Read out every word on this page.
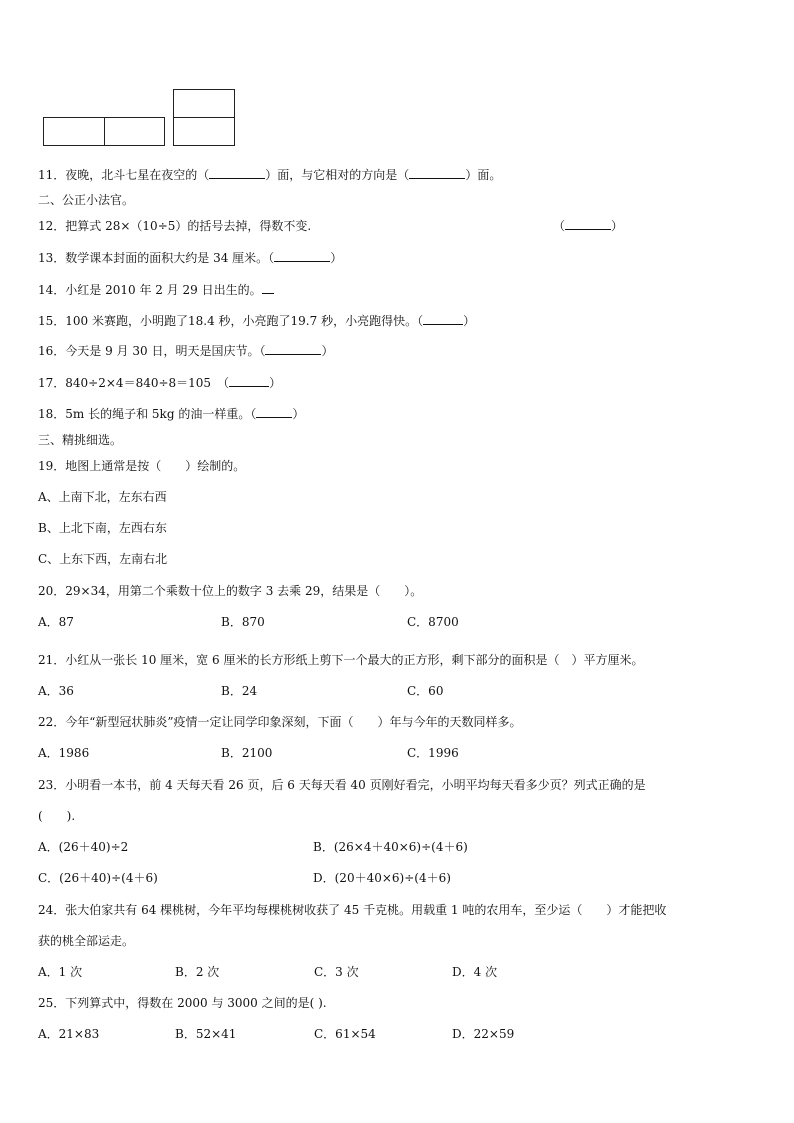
11．夜晚，北斗七星在夜空的（	）面，与它相对的方向是（	）面。
二、公正小法官。
12．把算式 28×（10÷5）的括号去掉，得数不变.	（	）
13．数学课本封面的面积大约是 34 厘米。（	）
14．小红是 2010 年 2 月 29 日出生的。
15．100 米赛跑，小明跑了18.4 秒，小亮跑了19.7 秒，小亮跑得快。（	）
16．今天是 9 月 30 日，明天是国庆节。（	）
17．840÷2×4＝840÷8＝105　（	）
18．5m 长的绳子和 5kg 的油一样重。（	）
三、精挑细选。
19．地图上通常是按（　　）绘制的。
A、上南下北，左东右西
B、上北下南，左西右东
C、上东下西，左南右北
20．29×34，用第二个乘数十位上的数字 3 去乘 29，结果是（　　）。
A．87	B．870	C．8700
21．小红从一张长 10 厘米，宽 6 厘米的长方形纸上剪下一个最大的正方形，剩下部分的面积是（　）平方厘米。
A．36	B．24	C．60
22．今年“新型冠状肺炎”疫情一定让同学印象深刻，下面（　　）年与今年的天数同样多。
A．1986	B．2100	C．1996
23．小明看一本书，前 4 天每天看 26 页，后 6 天每天看 40 页刚好看完，小明平均每天看多少页？列式正确的是
(　　).
A．(26＋40)÷2	B．(26×4＋40×6)÷(4＋6)
C．(26＋40)÷(4＋6)	D．(20＋40×6)÷(4＋6)
24．张大伯家共有 64 棵桃树，今年平均每棵桃树收获了 45 千克桃。用载重 1 吨的农用车，至少运（　　）才能把收
获的桃全部运走。
A．1 次	B．2 次	C．3 次	D．4 次
25．下列算式中，得数在 2000 与 3000 之间的是( ).
A．21×83	B．52×41	C．61×54	D．22×59
